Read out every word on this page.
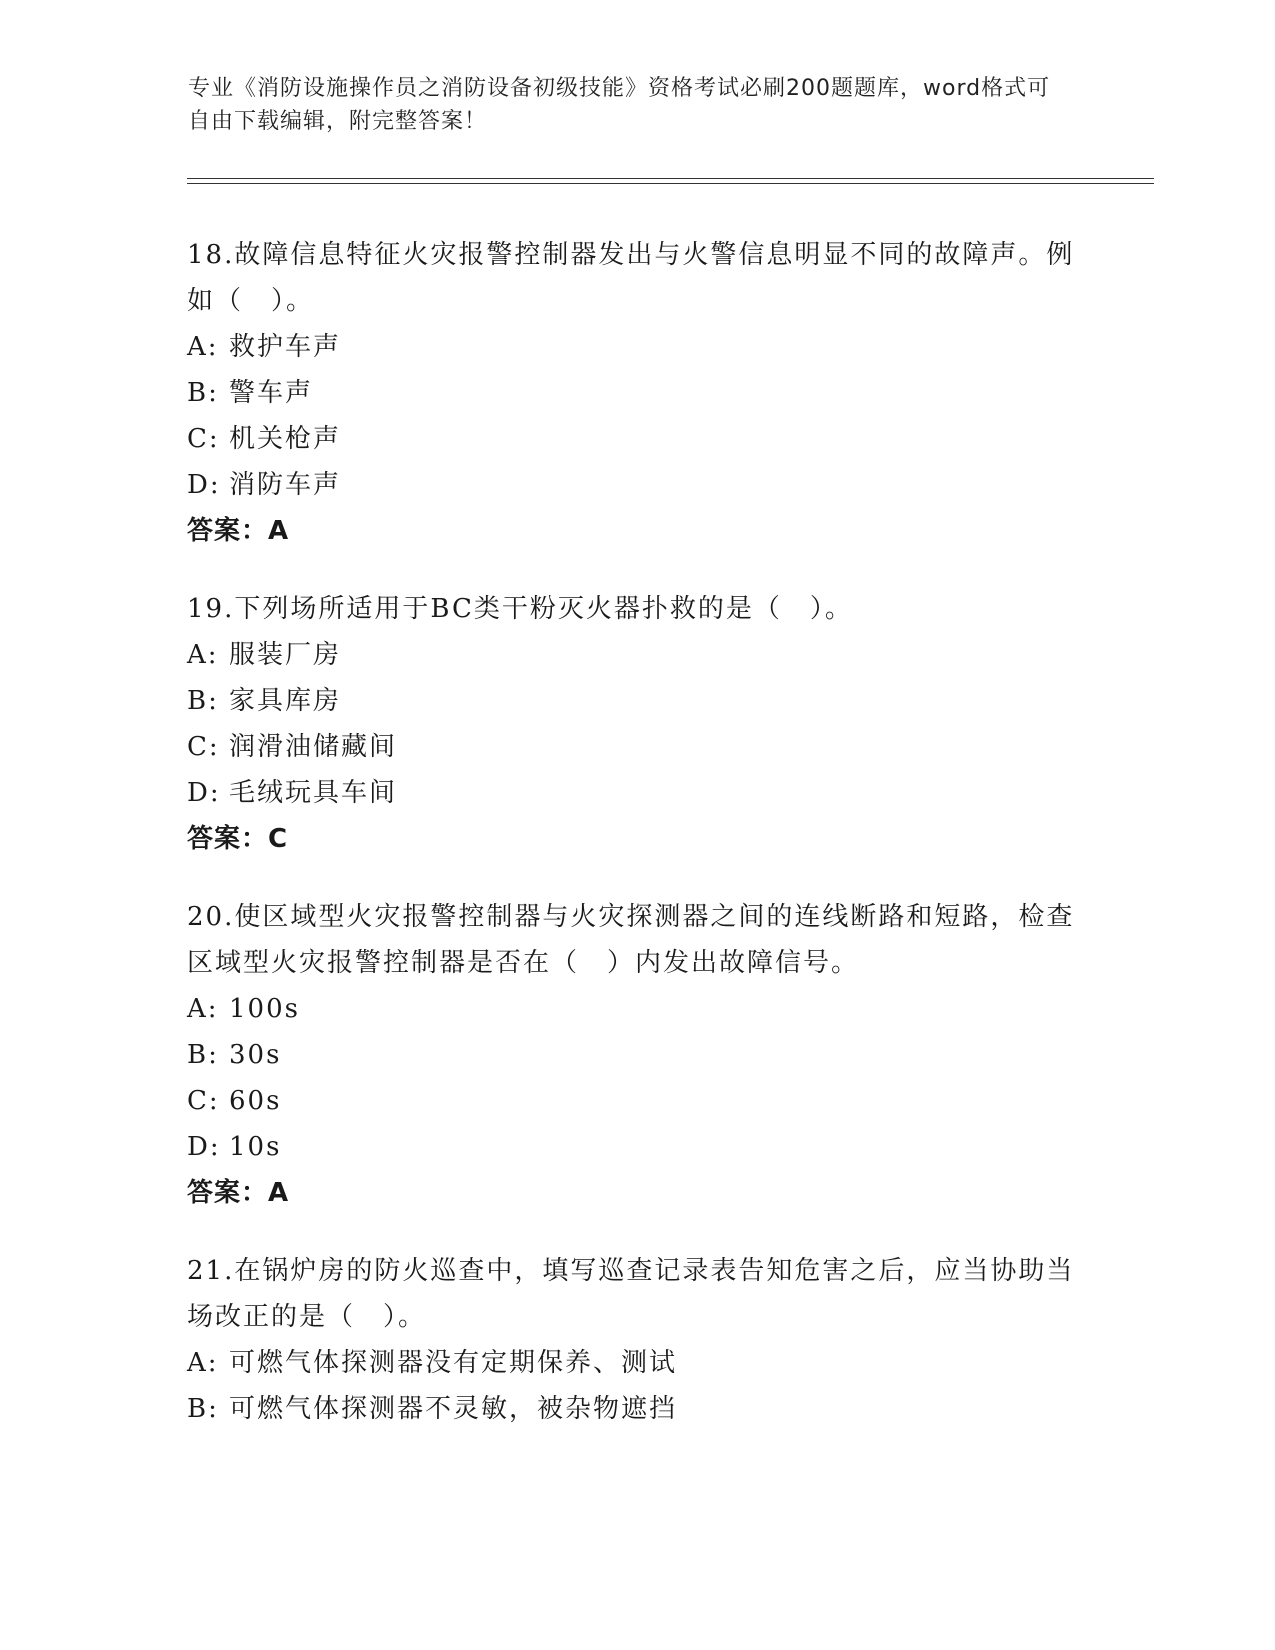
专业《消防设施操作员之消防设备初级技能》资格考试必刷200题题库，word格式可自由下载编辑，附完整答案！

18.故障信息特征火灾报警控制器发出与火警信息明显不同的故障声。例如（　）。

A: 救护车声

B: 警车声

C: 机关枪声

D: 消防车声

答案：A

19.下列场所适用于BC类干粉灭火器扑救的是（　）。

A: 服装厂房

B: 家具库房

C: 润滑油储藏间

D: 毛绒玩具车间

答案：C

20.使区域型火灾报警控制器与火灾探测器之间的连线断路和短路，检查区域型火灾报警控制器是否在（　）内发出故障信号。

A: 100s

B: 30s

C: 60s

D: 10s

答案：A

21.在锅炉房的防火巡查中，填写巡查记录表告知危害之后，应当协助当场改正的是（　）。

A: 可燃气体探测器没有定期保养、测试

B: 可燃气体探测器不灵敏，被杂物遮挡
